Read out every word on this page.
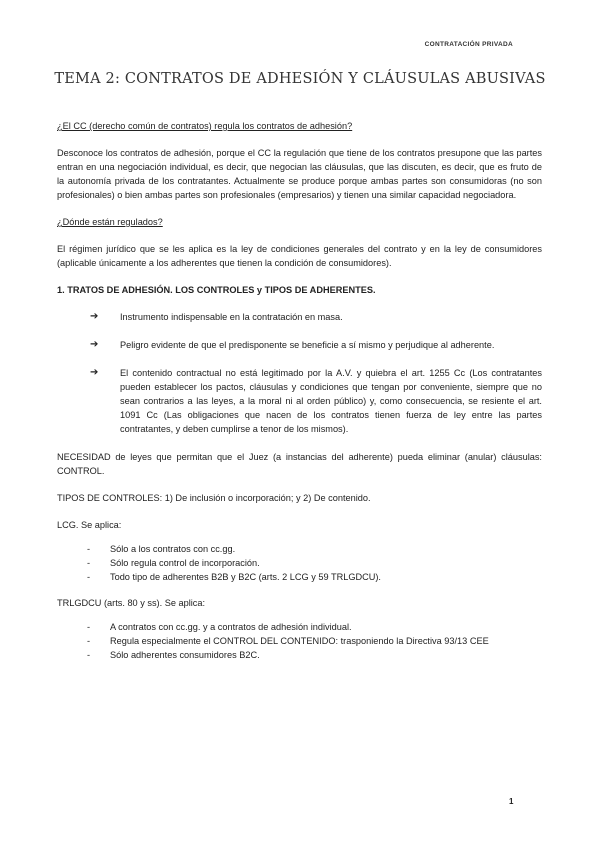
CONTRATACIÓN PRIVADA
TEMA 2: CONTRATOS DE ADHESIÓN Y CLÁUSULAS ABUSIVAS
¿El CC (derecho común de contratos) regula los contratos de adhesión?

Desconoce los contratos de adhesión, porque el CC la regulación que tiene de los contratos presupone que las partes entran en una negociación individual, es decir, que negocian las cláusulas, que las discuten, es decir, que es fruto de la autonomía privada de los contratantes. Actualmente se produce porque ambas partes son consumidoras (no son profesionales) o bien ambas partes son profesionales (empresarios) y tienen una similar capacidad negociadora.

¿Dónde están regulados?

El régimen jurídico que se les aplica es la ley de condiciones generales del contrato y en la ley de consumidores (aplicable únicamente a los adherentes que tienen la condición de consumidores).

1. TRATOS DE ADHESIÓN. LOS CONTROLES y TIPOS DE ADHERENTES.
➔ Instrumento indispensable en la contratación en masa.
➔ Peligro evidente de que el predisponente se beneficie a sí mismo y perjudique al adherente.
➔ El contenido contractual no está legitimado por la A.V. y quiebra el art. 1255 Cc (Los contratantes pueden establecer los pactos, cláusulas y condiciones que tengan por conveniente, siempre que no sean contrarios a las leyes, a la moral ni al orden público) y, como consecuencia, se resiente el art. 1091 Cc (Las obligaciones que nacen de los contratos tienen fuerza de ley entre las partes contratantes, y deben cumplirse a tenor de los mismos).

NECESIDAD de leyes que permitan que el Juez (a instancias del adherente) pueda eliminar (anular) cláusulas: CONTROL.

TIPOS DE CONTROLES: 1) De inclusión o incorporación; y 2) De contenido.

LCG. Se aplica:

- Sólo a los contratos con cc.gg.
- Sólo regula control de incorporación.
- Todo tipo de adherentes B2B y B2C (arts. 2 LCG y 59 TRLGDCU).

TRLGDCU (arts. 80 y ss). Se aplica:

- A contratos con cc.gg. y a contratos de adhesión individual.
- Regula especialmente el CONTROL DEL CONTENIDO: trasponiendo la Directiva 93/13 CEE
- Sólo adherentes consumidores B2C.
1
